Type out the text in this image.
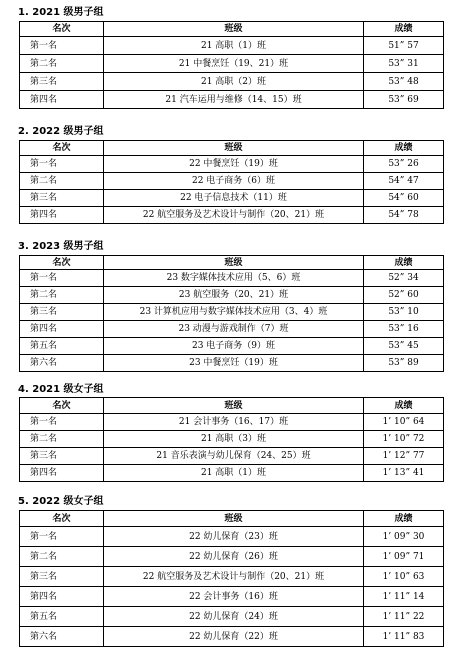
1. 2021 级男子组
名次	班级	成绩
第一名	21 高职（1）班	51” 57
第二名	21 中餐烹饪（19、21）班	53” 31
第三名	21 高职（2）班	53” 48
第四名	21 汽车运用与维修（14、15）班	53” 69
2. 2022 级男子组
名次	班级	成绩
第一名	22 中餐烹饪（19）班	53” 26
第二名	22 电子商务（6）班	54” 47
第三名	22 电子信息技术（11）班	54” 60
第四名	22 航空服务及艺术设计与制作（20、21）班	54” 78
3. 2023 级男子组
名次	班级	成绩
第一名	23 数字媒体技术应用（5、6）班	52” 34
第二名	23 航空服务（20、21）班	52” 60
第三名	23 计算机应用与数字媒体技术应用（3、4）班	53” 10
第四名	23 动漫与游戏制作（7）班	53” 16
第五名	23 电子商务（9）班	53” 45
第六名	23 中餐烹饪（19）班	53” 89
4. 2021 级女子组
名次	班级	成绩
第一名	21 会计事务（16、17）班	1’ 10” 64
第二名	21 高职（3）班	1’ 10” 72
第三名	21 音乐表演与幼儿保育（24、25）班	1’ 12” 77
第四名	21 高职（1）班	1’ 13” 41
5. 2022 级女子组
名次	班级	成绩
第一名	22 幼儿保育（23）班	1’ 09” 30
第二名	22 幼儿保育（26）班	1’ 09” 71
第三名	22 航空服务及艺术设计与制作（20、21）班	1’ 10” 63
第四名	22 会计事务（16）班	1’ 11” 14
第五名	22 幼儿保育（24）班	1’ 11” 22
第六名	22 幼儿保育（22）班	1’ 11” 83
